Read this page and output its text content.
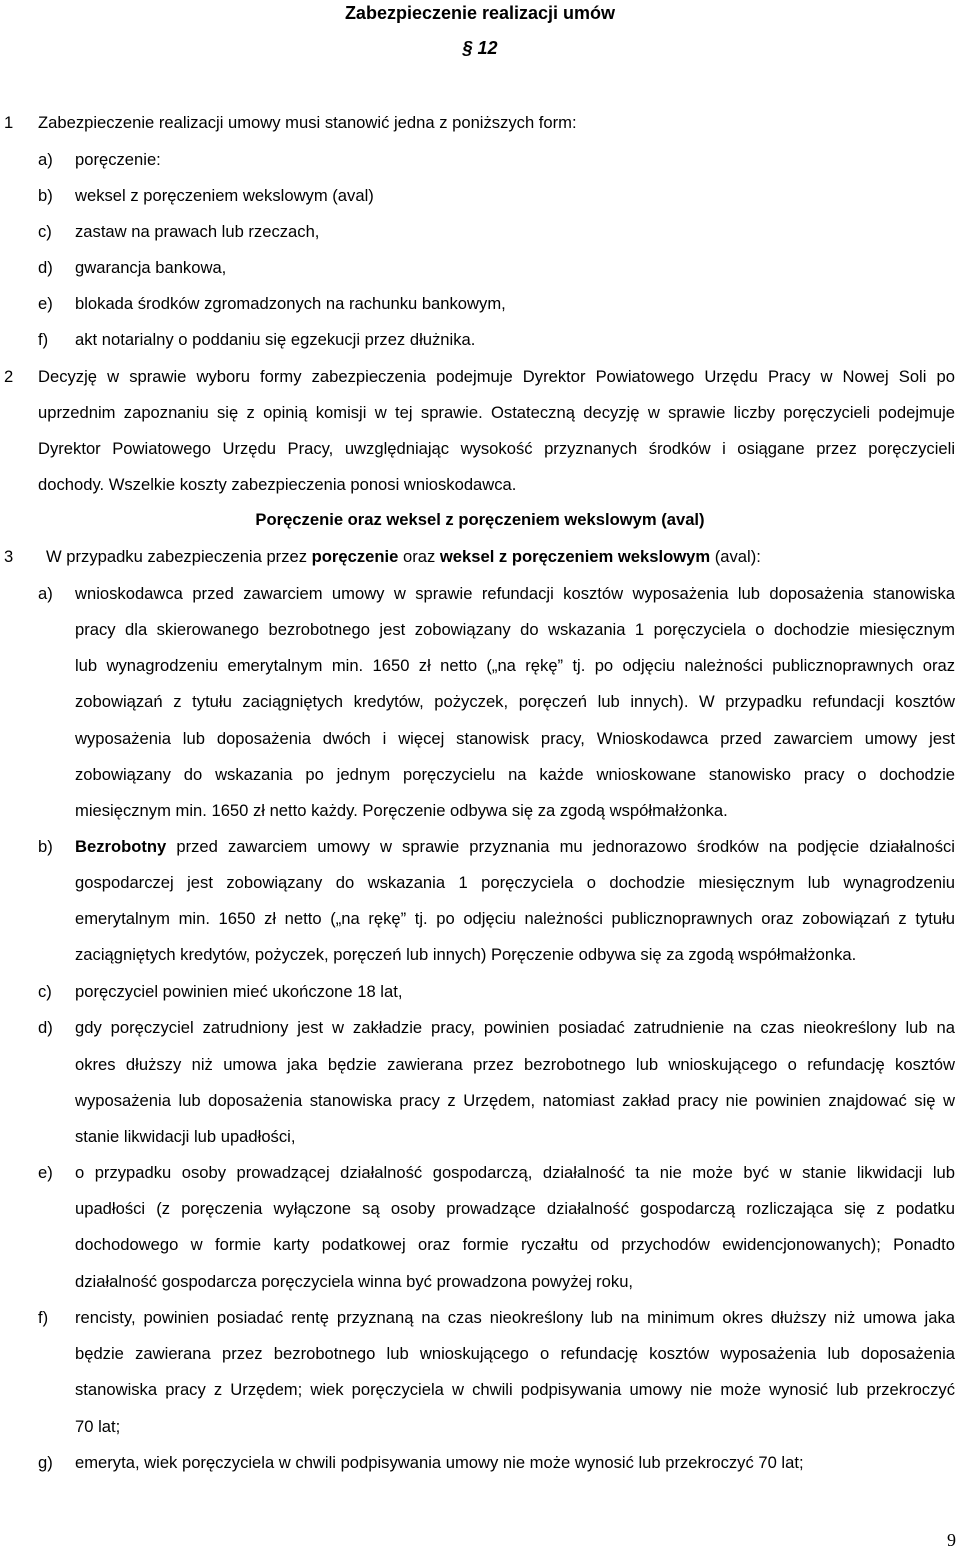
Zabezpieczenie realizacji umów
§ 12
1 Zabezpieczenie realizacji umowy musi stanowić jedna z poniższych form:
a) poręczenie:
b) weksel z poręczeniem wekslowym (aval)
c) zastaw na prawach lub rzeczach,
d) gwarancja bankowa,
e) blokada środków zgromadzonych na rachunku bankowym,
f) akt notarialny o poddaniu się egzekucji przez dłużnika.
2 Decyzję w sprawie wyboru formy zabezpieczenia podejmuje Dyrektor Powiatowego Urzędu Pracy w Nowej Soli po
uprzednim zapoznaniu się z opinią komisji w tej sprawie. Ostateczną decyzję w sprawie liczby poręczycieli podejmuje
Dyrektor Powiatowego Urzędu Pracy, uwzględniając wysokość przyznanych środków i osiągane przez poręczycieli
dochody. Wszelkie koszty zabezpieczenia ponosi wnioskodawca.
Poręczenie oraz weksel z poręczeniem wekslowym (aval)
3 W przypadku zabezpieczenia przez poręczenie oraz weksel z poręczeniem wekslowym (aval):
a) wnioskodawca przed zawarciem umowy w sprawie refundacji kosztów wyposażenia lub doposażenia stanowiska
pracy dla skierowanego bezrobotnego jest zobowiązany do wskazania 1 poręczyciela o dochodzie miesięcznym
lub wynagrodzeniu emerytalnym min. 1650 zł netto („na rękę” tj. po odjęciu należności publicznoprawnych oraz
zobowiązań z tytułu zaciągniętych kredytów, pożyczek, poręczeń lub innych). W przypadku refundacji kosztów
wyposażenia lub doposażenia dwóch i więcej stanowisk pracy, Wnioskodawca przed zawarciem umowy jest
zobowiązany do wskazania po jednym poręczycielu na każde wnioskowane stanowisko pracy o dochodzie
miesięcznym min. 1650 zł netto każdy. Poręczenie odbywa się za zgodą współmałżonka.
b) Bezrobotny przed zawarciem umowy w sprawie przyznania mu jednorazowo środków na podjęcie działalności
gospodarczej jest zobowiązany do wskazania 1 poręczyciela o dochodzie miesięcznym lub wynagrodzeniu
emerytalnym min. 1650 zł netto („na rękę” tj. po odjęciu należności publicznoprawnych oraz zobowiązań z tytułu
zaciągniętych kredytów, pożyczek, poręczeń lub innych) Poręczenie odbywa się za zgodą współmałżonka.
c) poręczyciel powinien mieć ukończone 18 lat,
d) gdy poręczyciel zatrudniony jest w zakładzie pracy, powinien posiadać zatrudnienie na czas nieokreślony lub na
okres dłuższy niż umowa jaka będzie zawierana przez bezrobotnego lub wnioskującego o refundację kosztów
wyposażenia lub doposażenia stanowiska pracy z Urzędem, natomiast zakład pracy nie powinien znajdować się w
stanie likwidacji lub upadłości,
e) o przypadku osoby prowadzącej działalność gospodarczą, działalność ta nie może być w stanie likwidacji lub
upadłości (z poręczenia wyłączone są osoby prowadzące działalność gospodarczą rozliczająca się z podatku
dochodowego w formie karty podatkowej oraz formie ryczałtu od przychodów ewidencjonowanych); Ponadto
działalność gospodarcza poręczyciela winna być prowadzona powyżej roku,
f) rencisty, powinien posiadać rentę przyznaną na czas nieokreślony lub na minimum okres dłuższy niż umowa jaka
będzie zawierana przez bezrobotnego lub wnioskującego o refundację kosztów wyposażenia lub doposażenia
stanowiska pracy z Urzędem; wiek poręczyciela w chwili podpisywania umowy nie może wynosić lub przekroczyć
70 lat;
g) emeryta, wiek poręczyciela w chwili podpisywania umowy nie może wynosić lub przekroczyć 70 lat;
9
